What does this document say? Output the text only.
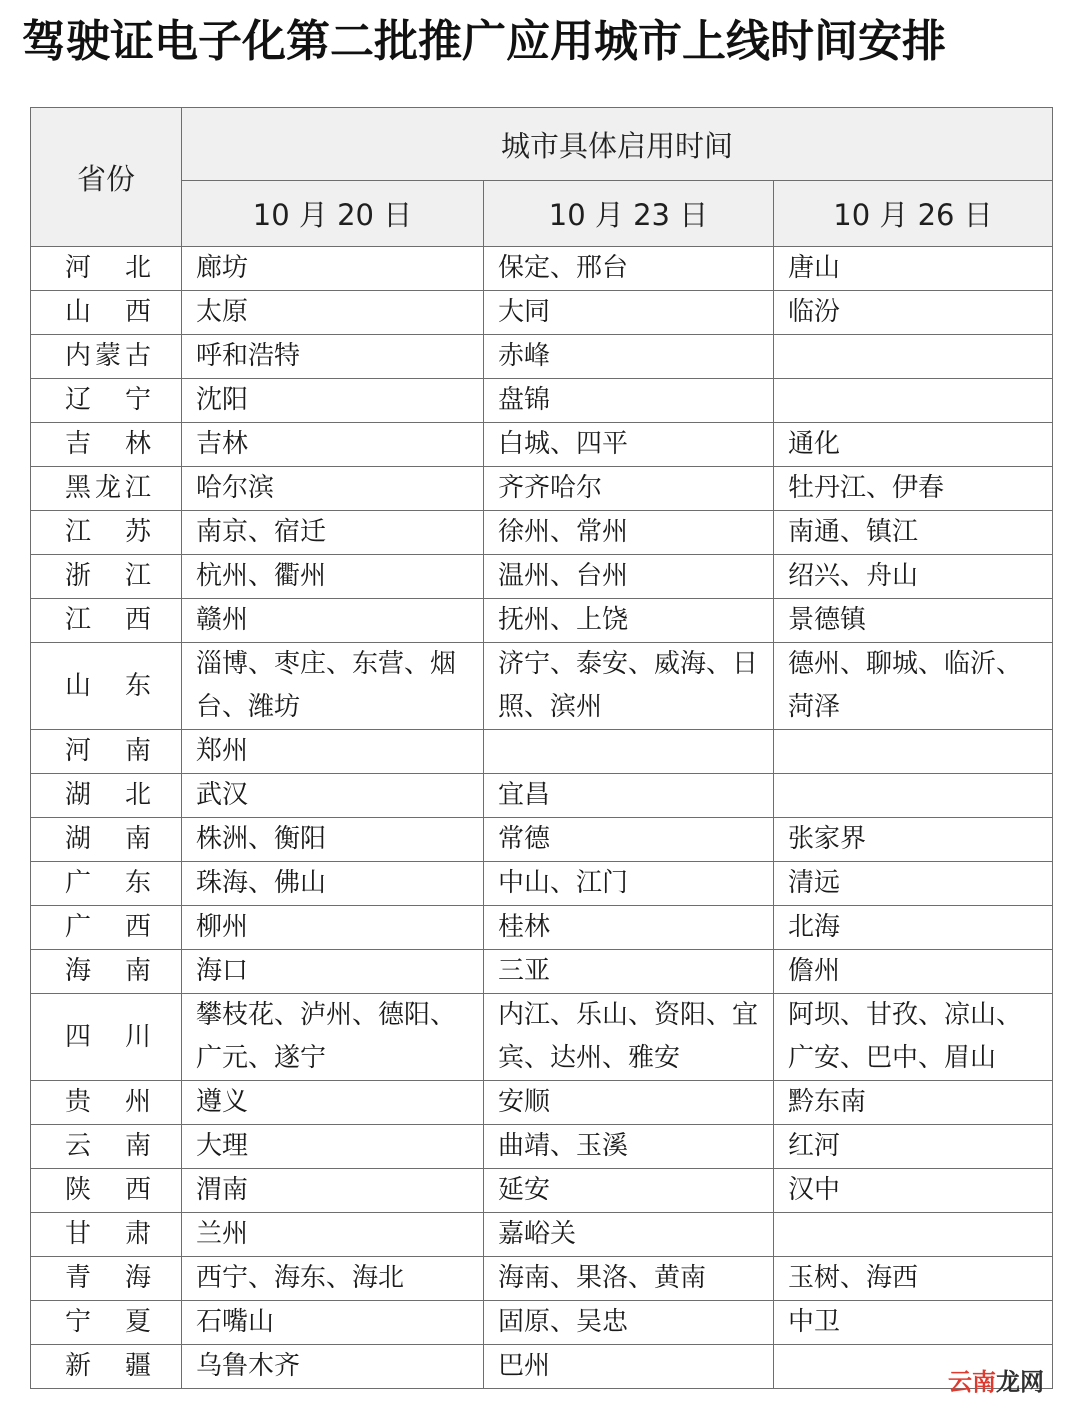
驾驶证电子化第二批推广应用城市上线时间安排
省份	城市具体启用时间		
	10 月 20 日	10 月 23 日	10 月 26 日
河北	廊坊	保定、邢台	唐山
山西	太原	大同	临汾
内蒙古	呼和浩特	赤峰	
辽宁	沈阳	盘锦	
吉林	吉林	白城、四平	通化
黑龙江	哈尔滨	齐齐哈尔	牡丹江、伊春
江苏	南京、宿迁	徐州、常州	南通、镇江
浙江	杭州、衢州	温州、台州	绍兴、舟山
江西	赣州	抚州、上饶	景德镇
山东	淄博、枣庄、东营、烟台、潍坊	济宁、泰安、威海、日照、滨州	德州、聊城、临沂、菏泽
河南	郑州		
湖北	武汉	宜昌	
湖南	株洲、衡阳	常德	张家界
广东	珠海、佛山	中山、江门	清远
广西	柳州	桂林	北海
海南	海口	三亚	儋州
四川	攀枝花、泸州、德阳、广元、遂宁	内江、乐山、资阳、宜宾、达州、雅安	阿坝、甘孜、凉山、广安、巴中、眉山
贵州	遵义	安顺	黔东南
云南	大理	曲靖、玉溪	红河
陕西	渭南	延安	汉中
甘肃	兰州	嘉峪关	
青海	西宁、海东、海北	海南、果洛、黄南	玉树、海西
宁夏	石嘴山	固原、吴忠	中卫
新疆	乌鲁木齐	巴州	
云南龙网
